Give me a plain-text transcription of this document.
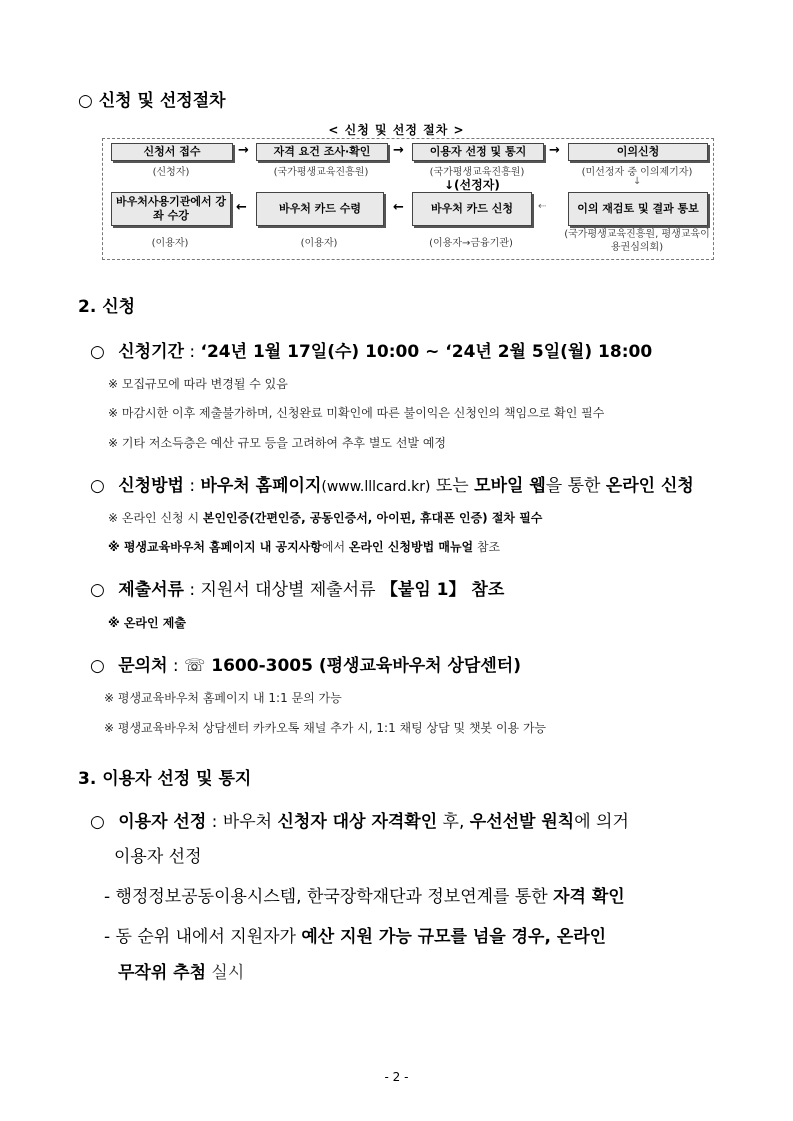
○ 신청 및 선정절차
< 신청 및 선정 절차 >
신청서 접수	자격 요건 조사·확인	이용자 선정 및 통지	이의신청
→	→	→
(신청자)	(국가평생교육진흥원)	(국가평생교육진흥원)	(미선정자 중 이의제기자)
↓(선정자)	↓
바우처사용기관에서 강좌 수강
바우처 카드 수령	바우처 카드 신청	이의 재검토 및 결과 통보
←	←	⇠
(이용자)	(이용자)	(이용자→금융기관)
(국가평생교육진흥원, 평생교육이용권심의회)
2. 신청
○ 신청기간 : ‘24년 1월 17일(수) 10:00 ~ ‘24년 2월 5일(월) 18:00
※ 모집규모에 따라 변경될 수 있음
※ 마감시한 이후 제출불가하며, 신청완료 미확인에 따른 불이익은 신청인의 책임으로 확인 필수
※ 기타 저소득층은 예산 규모 등을 고려하여 추후 별도 선발 예정
○ 신청방법 : 바우처 홈페이지(www.lllcard.kr) 또는 모바일 웹을 통한 온라인 신청
※ 온라인 신청 시 본인인증(간편인증, 공동인증서, 아이핀, 휴대폰 인증) 절차 필수
※ 평생교육바우처 홈페이지 내 공지사항에서 온라인 신청방법 매뉴얼 참조
○ 제출서류 : 지원서 대상별 제출서류 【붙임 1】 참조
※ 온라인 제출
○ 문의처 : ☏ 1600-3005 (평생교육바우처 상담센터)
※ 평생교육바우처 홈페이지 내 1:1 문의 가능
※ 평생교육바우처 상담센터 카카오톡 채널 추가 시, 1:1 채팅 상담 및 챗봇 이용 가능
3. 이용자 선정 및 통지
○ 이용자 선정 : 바우처 신청자 대상 자격확인 후, 우선선발 원칙에 의거
이용자 선정
- 행정정보공동이용시스템, 한국장학재단과 정보연계를 통한 자격 확인
- 동 순위 내에서 지원자가 예산 지원 가능 규모를 넘을 경우, 온라인
무작위 추첨 실시
- 2 -
